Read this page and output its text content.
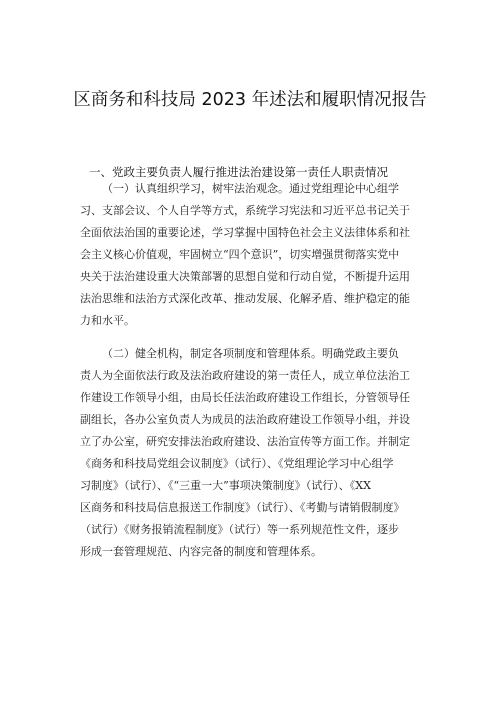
区商务和科技局 2023 年述法和履职情况报告
一、党政主要负责人履行推进法治建设第一责任人职责情况
（一）认真组织学习，树牢法治观念。通过党组理论中心组学
习、支部会议、个人自学等方式，系统学习宪法和习近平总书记关于
全面依法治国的重要论述，学习掌握中国特色社会主义法律体系和社
会主义核心价值观，牢固树立“四个意识”，切实增强贯彻落实党中
央关于法治建设重大决策部署的思想自觉和行动自觉，不断提升运用
法治思维和法治方式深化改革、推动发展、化解矛盾、维护稳定的能
力和水平。
（二）健全机构，制定各项制度和管理体系。明确党政主要负
责人为全面依法行政及法治政府建设的第一责任人，成立单位法治工
作建设工作领导小组，由局长任法治政府建设工作组长，分管领导任
副组长，各办公室负责人为成员的法治政府建设工作领导小组，并设
立了办公室，研究安排法治政府建设、法治宣传等方面工作。并制定
《商务和科技局党组会议制度》（试行）、《党组理论学习中心组学
习制度》（试行）、《“三重一大”事项决策制度》（试行）、《XX
区商务和科技局信息报送工作制度》（试行）、《考勤与请销假制度》
（试行）《财务报销流程制度》（试行）等一系列规范性文件，逐步
形成一套管理规范、内容完备的制度和管理体系。
